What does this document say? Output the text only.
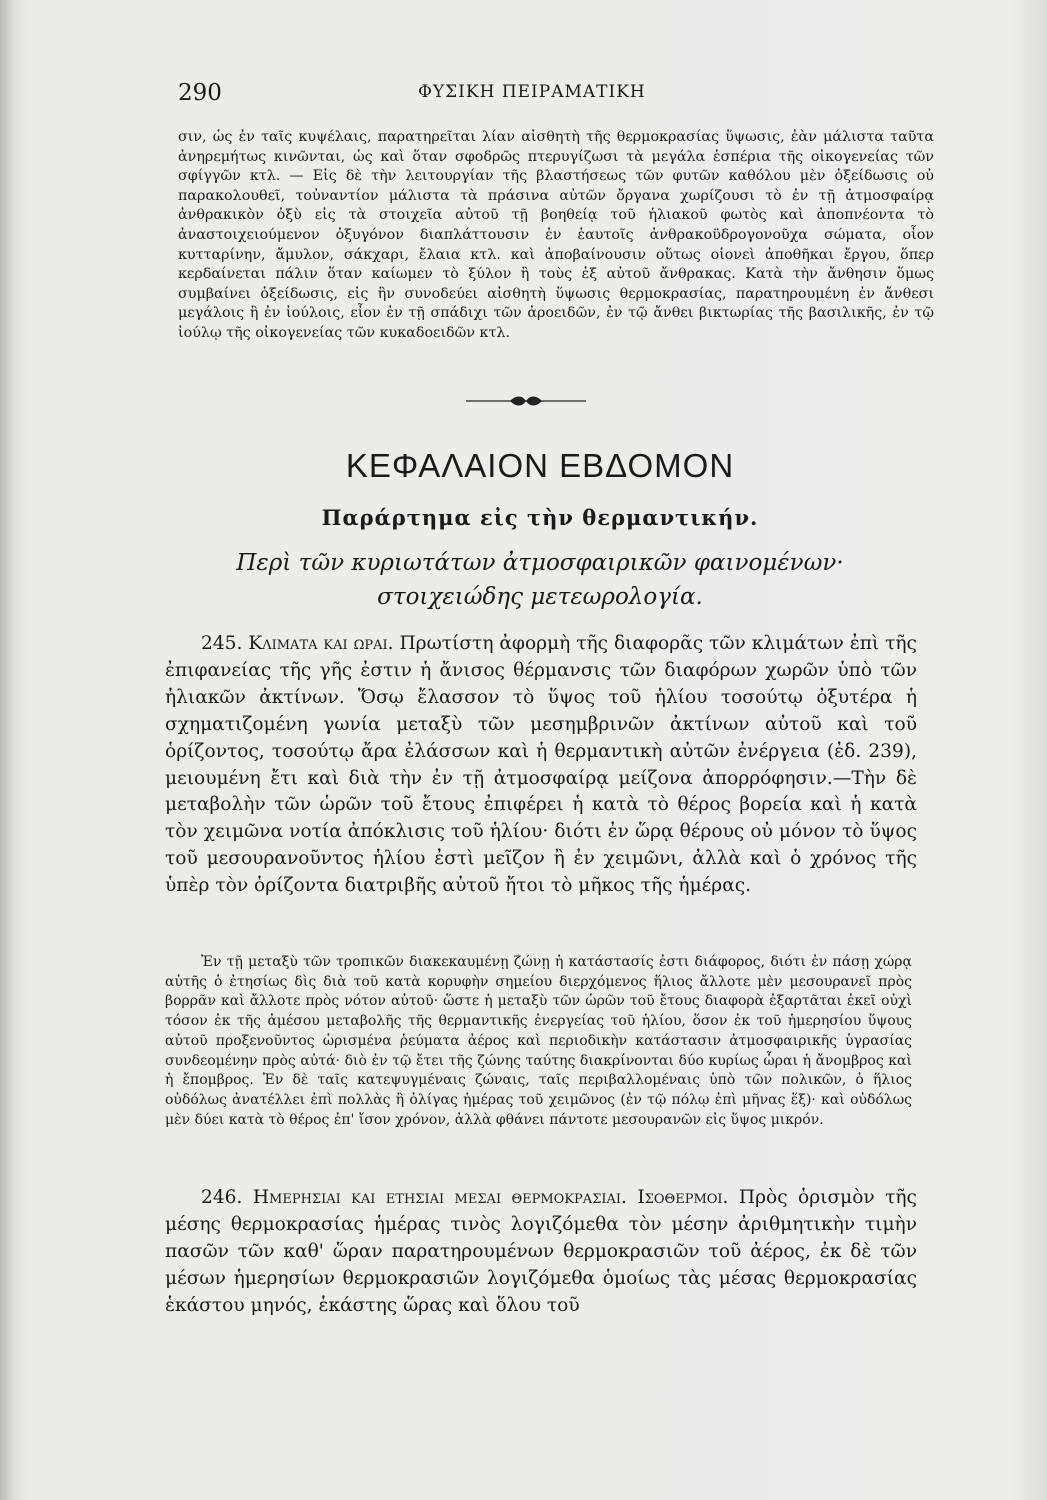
290	ΦΥΣΙΚΗ ΠΕΙΡΑΜΑΤΙΚΗ
σιν, ὡς ἐν ταῖς κυψέλαις, παρατηρεῖται λίαν αἰσθητὴ τῆς θερμοκρασίας ὕψωσις, ἐὰν μάλιστα ταῦτα ἀνηρεμήτως κινῶνται, ὡς καὶ ὅταν σφοδρῶς πτερυγίζωσι τὰ μεγάλα ἑσπέρια τῆς οἰκογενείας τῶν σφίγγῶν κτλ. — Εἰς δὲ τὴν λειτουργίαν τῆς βλαστήσεως τῶν φυτῶν καθόλου μὲν ὀξείδωσις οὐ παρακολουθεῖ, τοὐναντίον μάλιστα τὰ πράσινα αὐτῶν ὄργανα χωρίζουσι τὸ ἐν τῇ ἀτμοσφαίρᾳ ἀνθρακικὸν ὀξὺ εἰς τὰ στοιχεῖα αὐτοῦ τῇ βοηθείᾳ τοῦ ἡλιακοῦ φωτὸς καὶ ἀποπνέοντα τὸ ἀναστοιχειούμενον ὀξυγόνον διαπλάττουσιν ἐν ἑαυτοῖς ἀνθρακοϋδρογονοῦχα σώματα, οἷον κυτταρίνην, ἄμυλον, σάκχαρι, ἔλαια κτλ. καὶ ἀποβαίνουσιν οὕτως οἱονεὶ ἀποθῆκαι ἔργου, ὅπερ κερδαίνεται πάλιν ὅταν καίωμεν τὸ ξύλον ἢ τοὺς ἐξ αὐτοῦ ἄνθρακας. Κατὰ τὴν ἄνθησιν ὅμως συμβαίνει ὀξείδωσις, εἰς ἣν συνοδεύει αἰσθητὴ ὕψωσις θερμοκρασίας, παρατηρουμένη ἐν ἄνθεσι μεγάλοις ἢ ἐν ἰούλοις, εἶον ἐν τῇ σπάδιχι τῶν ἀροειδῶν, ἐν τῷ ἄνθει βικτωρίας τῆς βασιλικῆς, ἐν τῷ ἰούλῳ τῆς οἰκογενείας τῶν κυκαδοειδῶν κτλ.
ΚΕΦΑΛΑΙΟΝ ΕΒΔΟΜΟΝ
Παράρτημα εἰς τὴν θερμαντικήν.
Περὶ τῶν κυριωτάτων ἀτμοσφαιρικῶν φαινομένων·
στοιχειώδης μετεωρολογία.
245. Κλιματα και ωραι. Πρωτίστη ἀφορμὴ τῆς διαφορᾶς τῶν κλιμάτων ἐπὶ τῆς ἐπιφανείας τῆς γῆς ἐστιν ἡ ἄνισος θέρμανσις τῶν διαφόρων χωρῶν ὑπὸ τῶν ἡλιακῶν ἀκτίνων. Ὅσῳ ἔλασσον τὸ ὕψος τοῦ ἡλίου τοσούτῳ ὀξυτέρα ἡ σχηματιζομένη γωνία μεταξὺ τῶν μεσημβρινῶν ἀκτίνων αὐτοῦ καὶ τοῦ ὁρίζοντος, τοσούτῳ ἄρα ἐλάσσων καὶ ἡ θερμαντικὴ αὐτῶν ἐνέργεια (ἐδ. 239), μειουμένη ἔτι καὶ διὰ τὴν ἐν τῇ ἀτμοσφαίρᾳ μείζονα ἀπορρόφησιν.—Τὴν δὲ μεταβολὴν τῶν ὡρῶν τοῦ ἔτους ἐπιφέρει ἡ κατὰ τὸ θέρος βορεία καὶ ἡ κατὰ τὸν χειμῶνα νοτία ἀπόκλισις τοῦ ἡλίου· διότι ἐν ὥρᾳ θέρους οὐ μόνον τὸ ὕψος τοῦ μεσουρανοῦντος ἡλίου ἐστὶ μεῖζον ἢ ἐν χειμῶνι, ἀλλὰ καὶ ὁ χρόνος τῆς ὑπὲρ τὸν ὁρίζοντα διατριβῆς αὐτοῦ ἤτοι τὸ μῆκος τῆς ἡμέρας.
Ἐν τῇ μεταξὺ τῶν τροπικῶν διακεκαυμένῃ ζώνῃ ἡ κατάστασίς ἐστι διάφορος, διότι ἐν πάσῃ χώρᾳ αὐτῆς ὁ ἐτησίως δὶς διὰ τοῦ κατὰ κορυφὴν σημείου διερχόμενος ἥλιος ἄλλοτε μὲν μεσουρανεῖ πρὸς βορρᾶν καὶ ἄλλοτε πρὸς νότον αὐτοῦ· ὥστε ἡ μεταξὺ τῶν ὡρῶν τοῦ ἔτους διαφορὰ ἐξαρτᾶται ἐκεῖ οὐχὶ τόσον ἐκ τῆς ἀμέσου μεταβολῆς τῆς θερμαντικῆς ἐνεργείας τοῦ ἡλίου, ὅσον ἐκ τοῦ ἡμερησίου ὕψους αὐτοῦ προξενοῦντος ὡρισμένα ῥεύματα ἀέρος καὶ περιοδικὴν κατάστασιν ἀτμοσφαιρικῆς ὑγρασίας συνδεομένην πρὸς αὐτά· διὸ ἐν τῷ ἔτει τῆς ζώνης ταύτης διακρίνονται δύο κυρίως ὧραι ἡ ἄνομβρος καὶ ἡ ἔπομβρος. Ἐν δὲ ταῖς κατεψυγμέναις ζώναις, ταῖς περιβαλλομέναις ὑπὸ τῶν πολικῶν, ὁ ἥλιος οὐδόλως ἀνατέλλει ἐπὶ πολλὰς ἢ ὀλίγας ἡμέρας τοῦ χειμῶνος (ἐν τῷ πόλῳ ἐπὶ μῆνας ἕξ)· καὶ οὐδόλως μὲν δύει κατὰ τὸ θέρος ἐπ' ἴσον χρόνον, ἀλλὰ φθάνει πάντοτε μεσουρανῶν εἰς ὕψος μικρόν.
246. Ημερησιαι και ετησιαι μεσαι θερμοκρασιαι. Ισοθερμοι. Πρὸς ὁρισμὸν τῆς μέσης θερμοκρασίας ἡμέρας τινὸς λογιζόμεθα τὸν μέσην ἀριθμητικὴν τιμὴν πασῶν τῶν καθ' ὥραν παρατηρουμένων θερμοκρασιῶν τοῦ ἀέρος, ἐκ δὲ τῶν μέσων ἡμερησίων θερμοκρασιῶν λογιζόμεθα ὁμοίως τὰς μέσας θερμοκρασίας ἑκάστου μηνός, ἑκάστης ὥρας καὶ ὅλου τοῦ
